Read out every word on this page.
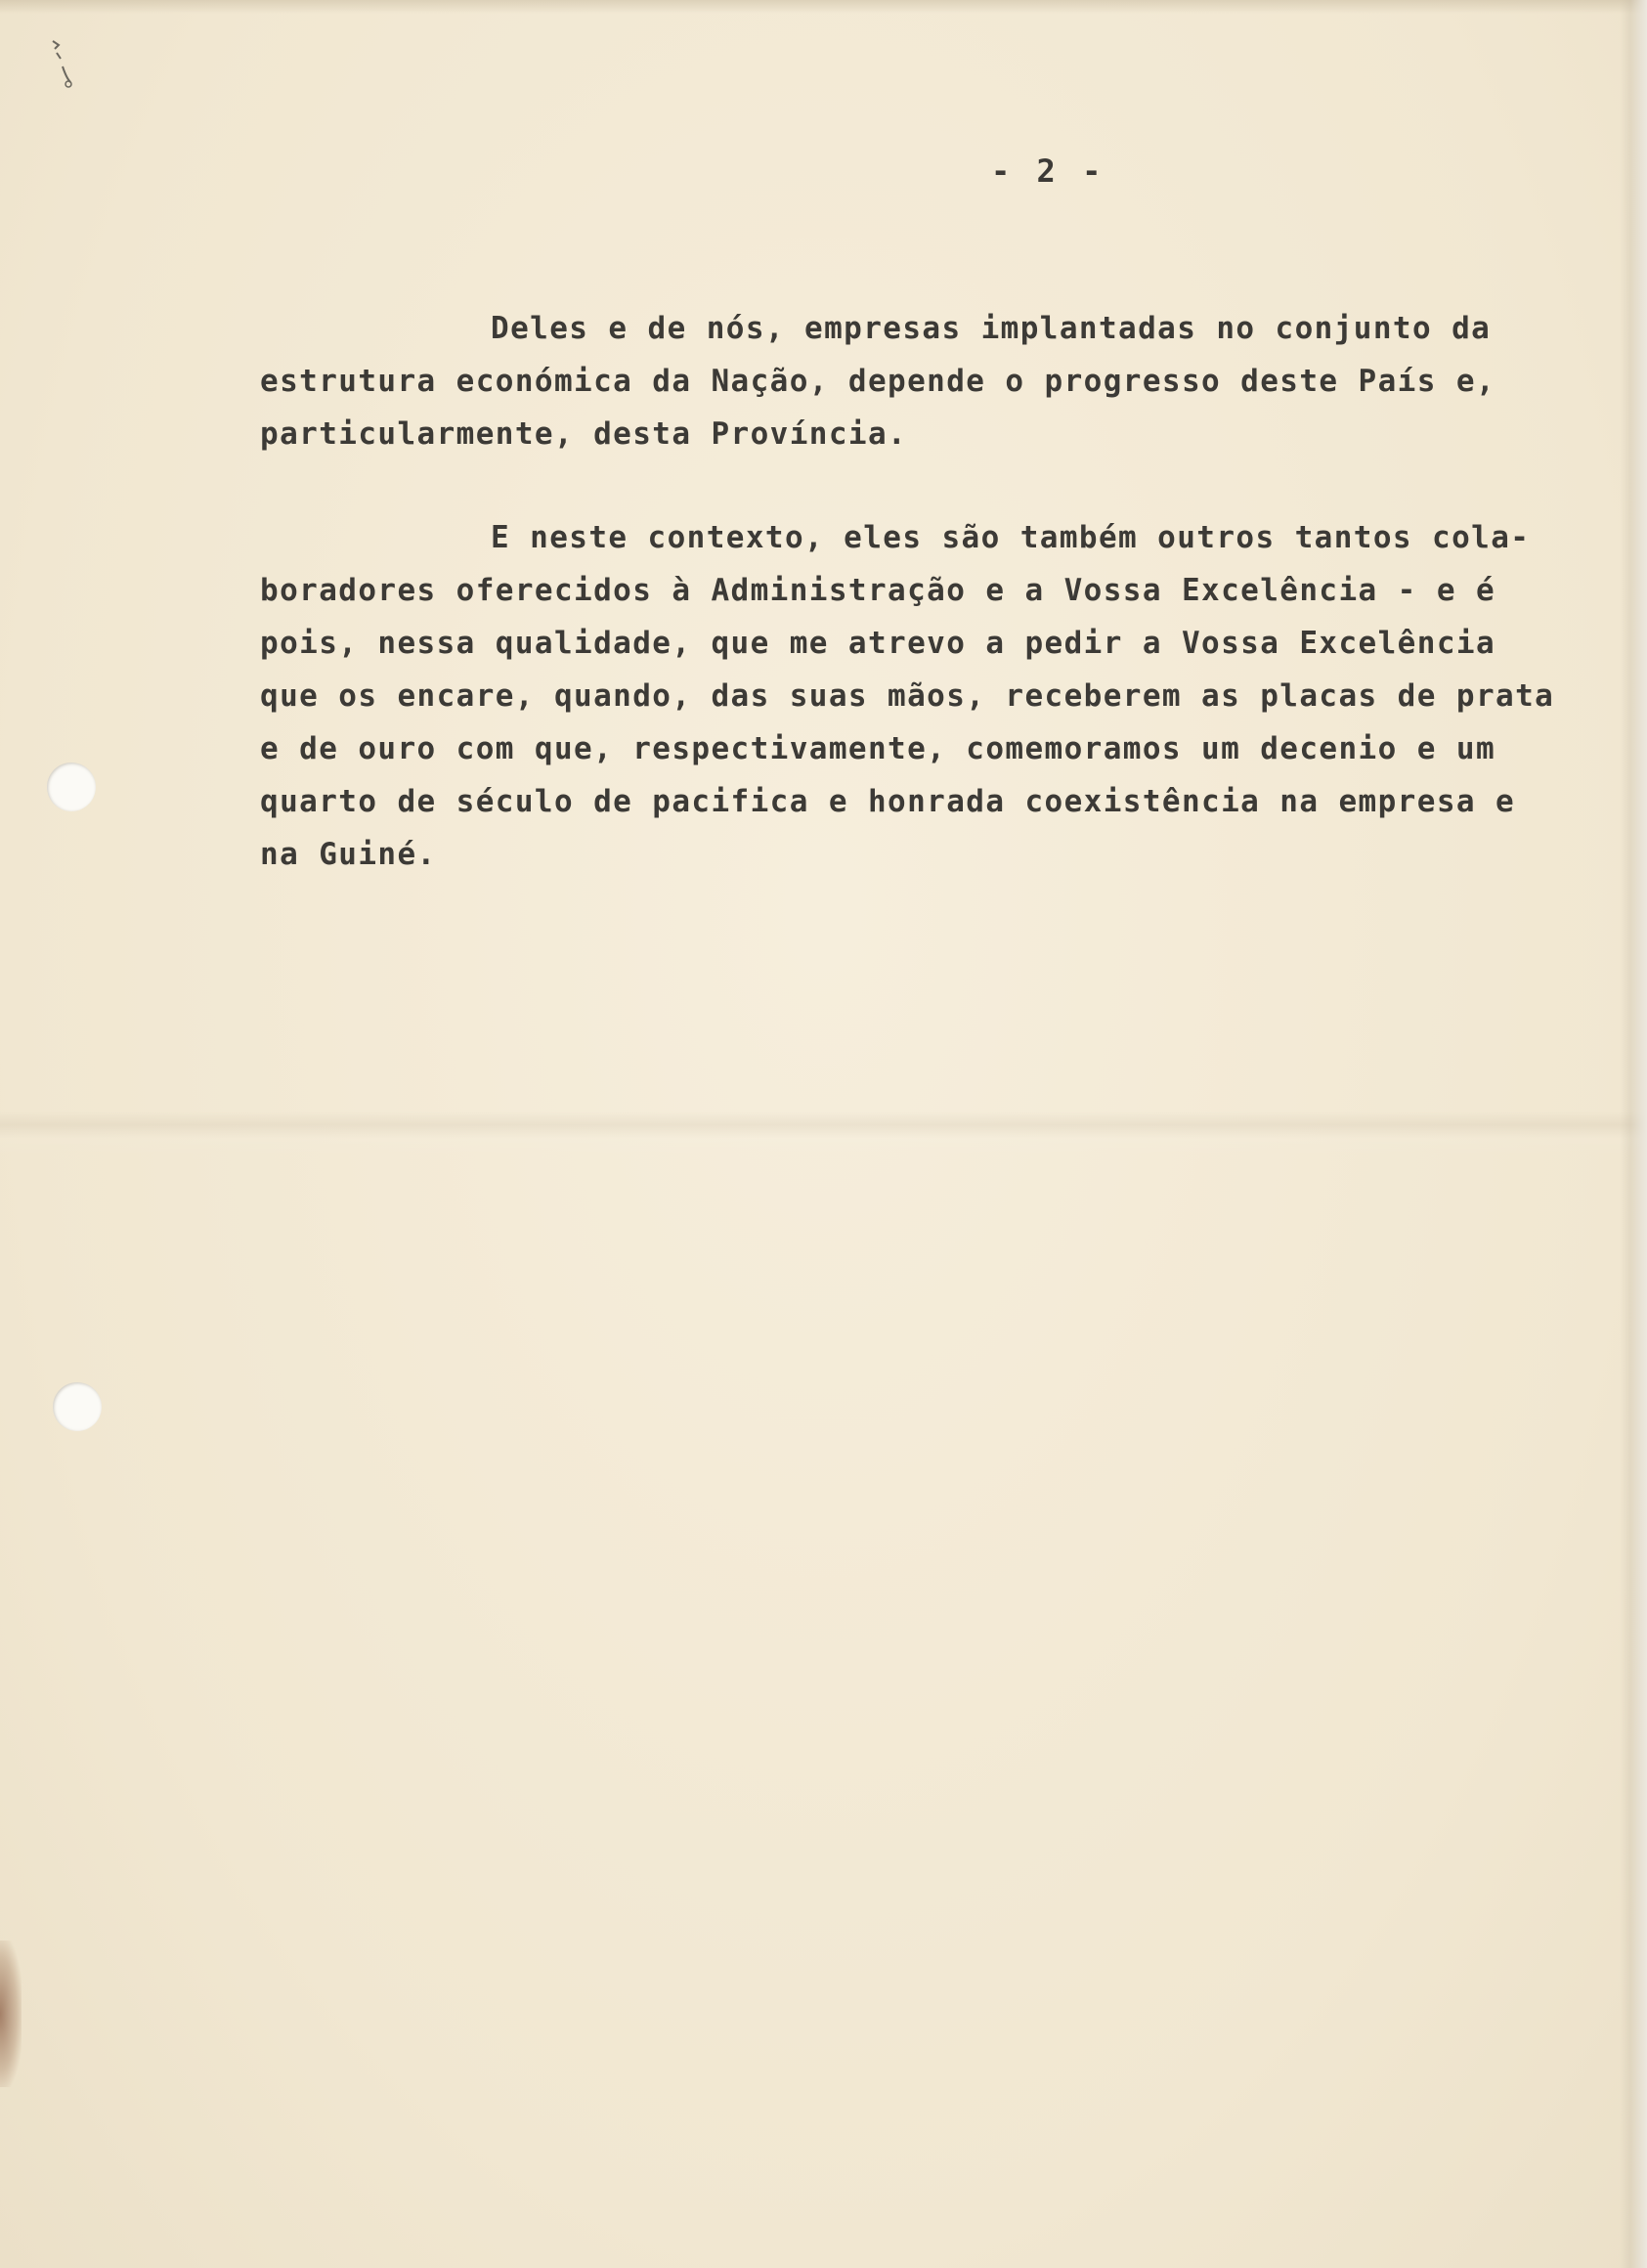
- 2 -

Deles e de nós, empresas implantadas no conjunto da

estrutura económica da Nação, depende o progresso deste País e,

particularmente, desta Província.

E neste contexto, eles são também outros tantos cola-

boradores oferecidos à Administração e a Vossa Excelência - e é

pois, nessa qualidade, que me atrevo a pedir a Vossa Excelência

que os encare, quando, das suas mãos, receberem as placas de prata

e de ouro com que, respectivamente, comemoramos um decenio e um

quarto de século de pacifica e honrada coexistência na empresa e

na Guiné.
